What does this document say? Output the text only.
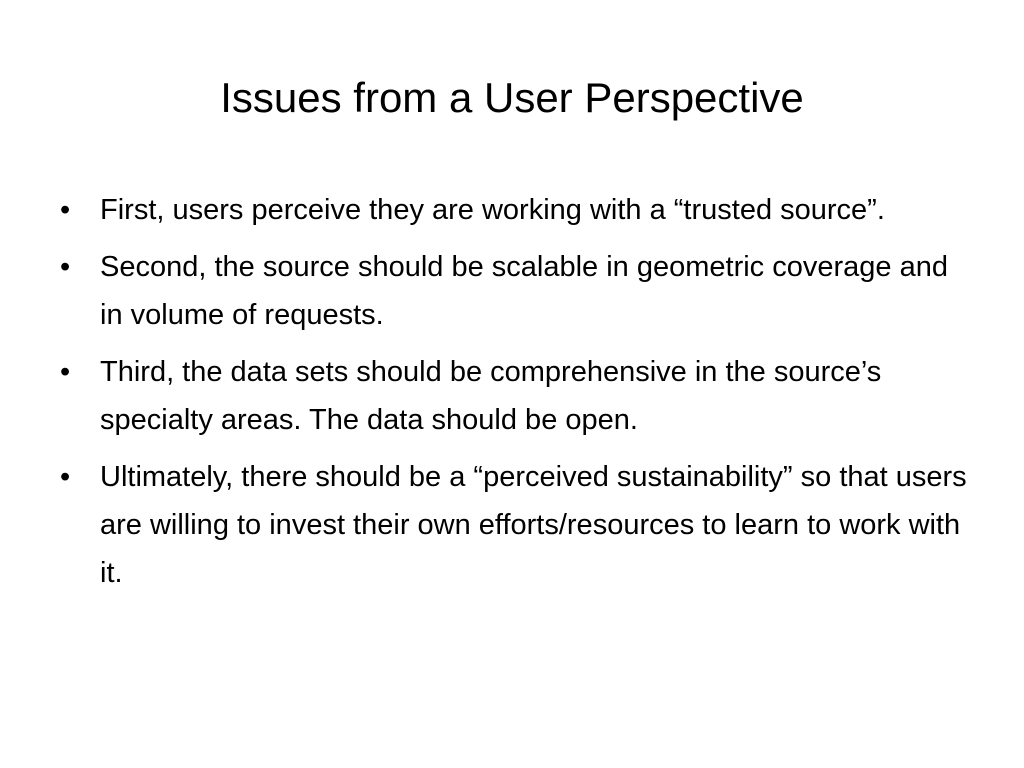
Issues from a User Perspective
•	First, users perceive they are working with a “trusted source”.
•	Second, the source should be scalable in geometric coverage and in volume of requests.
•	Third, the data sets should be comprehensive in the source’s specialty areas. The data should be open.
•	Ultimately, there should be a “perceived sustainability” so that users are willing to invest their own efforts/resources to learn to work with it.
